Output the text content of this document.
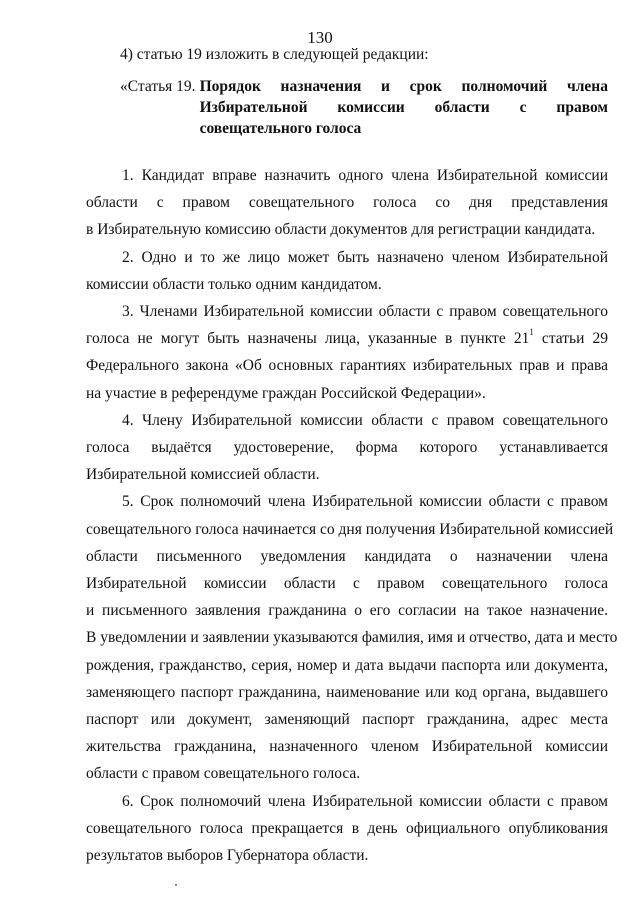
130
4) статью 19 изложить в следующей редакции:
«Статья 19. Порядок назначения и срок полномочий члена
Избирательной комиссии области с правом
совещательного голоса

1. Кандидат вправе назначить одного члена Избирательной комиссии
области с правом совещательного голоса со дня представления
в Избирательную комиссию области документов для регистрации кандидата.

2. Одно и то же лицо может быть назначено членом Избирательной
комиссии области только одним кандидатом.

3. Членами Избирательной комиссии области с правом совещательного
голоса не могут быть назначены лица, указанные в пункте $21^1$ статьи 29
Федерального закона «Об основных гарантиях избирательных прав и права
на участие в референдуме граждан Российской Федерации».

4. Члену Избирательной комиссии области с правом совещательного
голоса выдаётся удостоверение, форма которого устанавливается
Избирательной комиссией области.

5. Срок полномочий члена Избирательной комиссии области с правом
совещательного голоса начинается со дня получения Избирательной комиссией
области письменного уведомления кандидата о назначении члена
Избирательной комиссии области с правом совещательного голоса
и письменного заявления гражданина о его согласии на такое назначение.
В уведомлении и заявлении указываются фамилия, имя и отчество, дата и место
рождения, гражданство, серия, номер и дата выдачи паспорта или документа,
заменяющего паспорт гражданина, наименование или код органа, выдавшего
паспорт или документ, заменяющий паспорт гражданина, адрес места
жительства гражданина, назначенного членом Избирательной комиссии
области с правом совещательного голоса.

6. Срок полномочий члена Избирательной комиссии области с правом
совещательного голоса прекращается в день официального опубликования
результатов выборов Губернатора области.
